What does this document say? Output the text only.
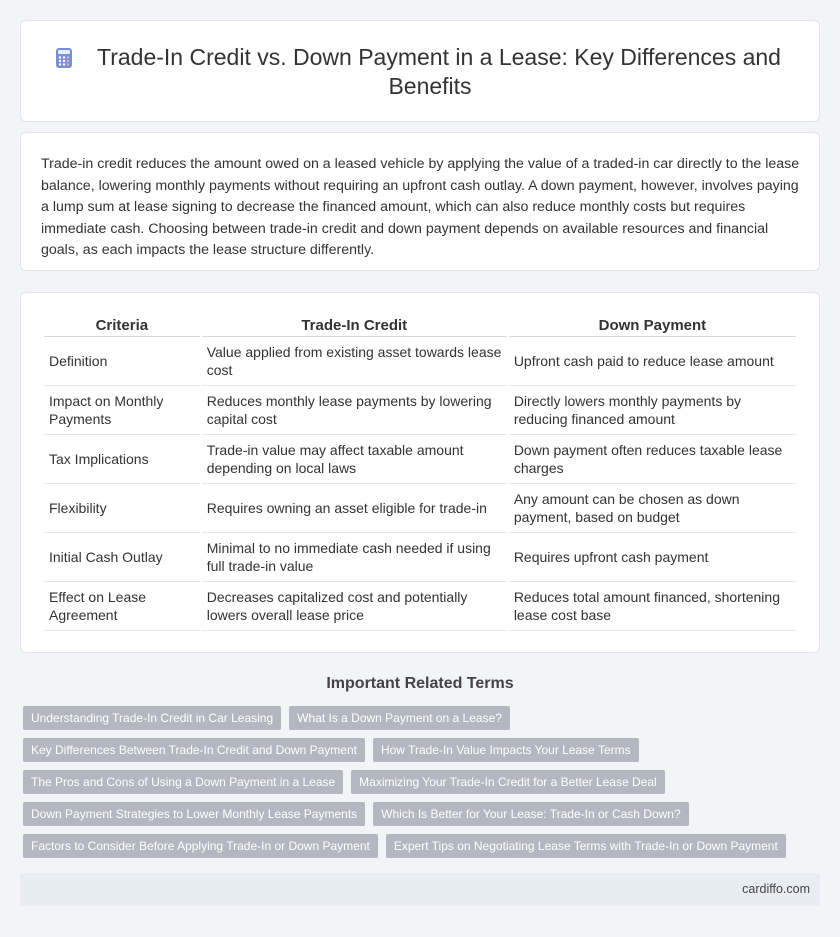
Trade-In Credit vs. Down Payment in a Lease: Key Differences and Benefits

Trade-in credit reduces the amount owed on a leased vehicle by applying the value of a traded-in car directly to the lease balance, lowering monthly payments without requiring an upfront cash outlay. A down payment, however, involves paying a lump sum at lease signing to decrease the financed amount, which can also reduce monthly costs but requires immediate cash. Choosing between trade-in credit and down payment depends on available resources and financial goals, as each impacts the lease structure differently.

Criteria	Trade-In Credit	Down Payment
Definition	Value applied from existing asset towards lease cost	Upfront cash paid to reduce lease amount
Impact on Monthly Payments	Reduces monthly lease payments by lowering capital cost	Directly lowers monthly payments by reducing financed amount
Tax Implications	Trade-in value may affect taxable amount depending on local laws	Down payment often reduces taxable lease charges
Flexibility	Requires owning an asset eligible for trade-in	Any amount can be chosen as down payment, based on budget
Initial Cash Outlay	Minimal to no immediate cash needed if using full trade-in value	Requires upfront cash payment
Effect on Lease Agreement	Decreases capitalized cost and potentially lowers overall lease price	Reduces total amount financed, shortening lease cost base
Important Related Terms
Understanding Trade-In Credit in Car Leasing	What Is a Down Payment on a Lease?
Key Differences Between Trade-In Credit and Down Payment	How Trade-In Value Impacts Your Lease Terms
The Pros and Cons of Using a Down Payment in a Lease	Maximizing Your Trade-In Credit for a Better Lease Deal
Down Payment Strategies to Lower Monthly Lease Payments	Which Is Better for Your Lease: Trade-In or Cash Down?
Factors to Consider Before Applying Trade-In or Down Payment	Expert Tips on Negotiating Lease Terms with Trade-In or Down Payment
cardiffo.com
